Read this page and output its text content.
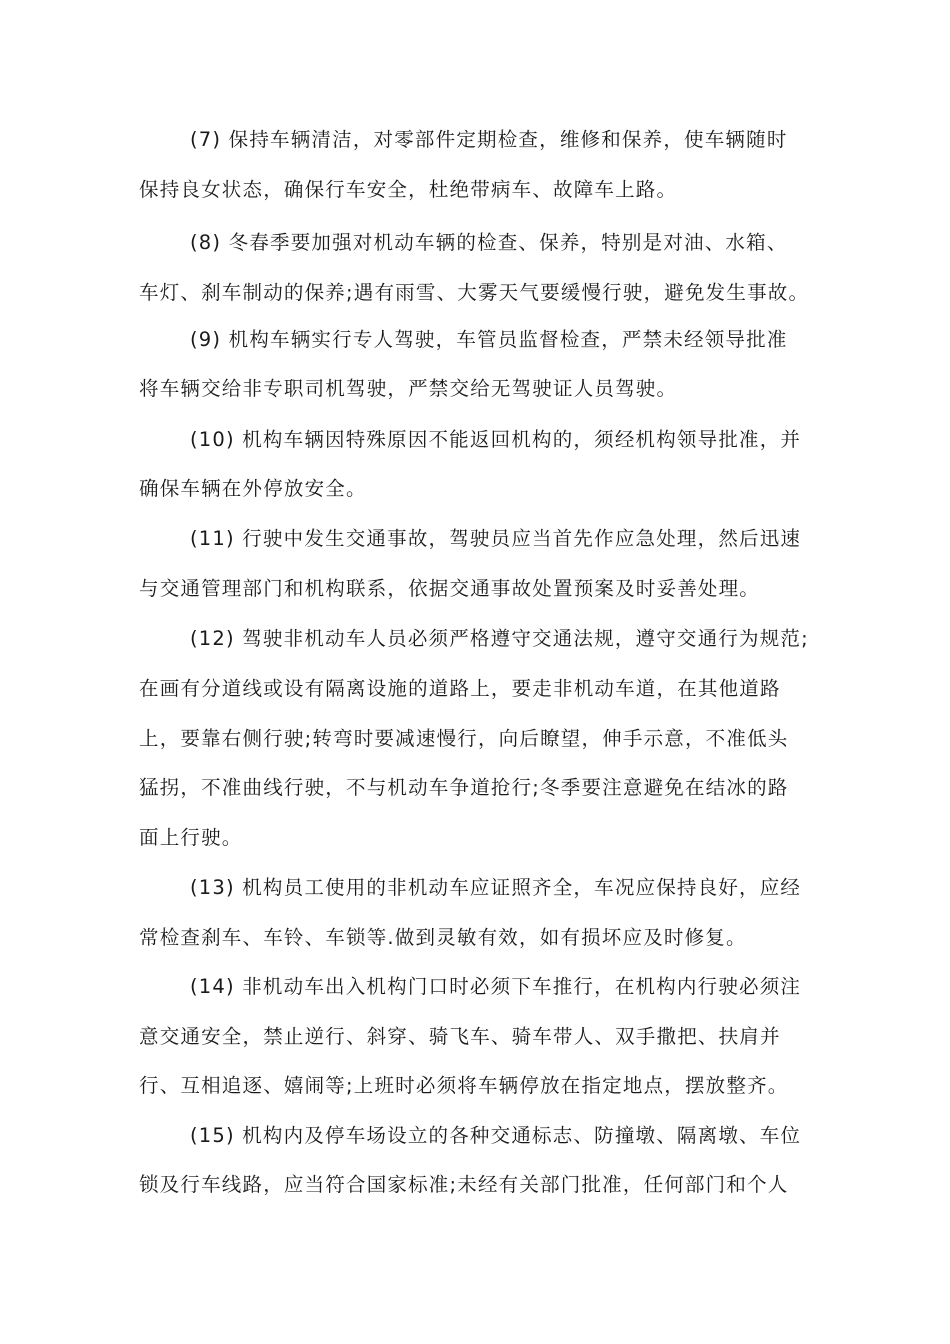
(7) 保持车辆清洁，对零部件定期检查，维修和保养，使车辆随时
保持良女状态，确保行车安全，杜绝带病车、故障车上路。
(8) 冬春季要加强对机动车辆的检查、保养，特别是对油、水箱、
车灯、刹车制动的保养;遇有雨雪、大雾天气要缓慢行驶，避免发生事故。
(9) 机构车辆实行专人驾驶，车管员监督检查，严禁未经领导批准
将车辆交给非专职司机驾驶，严禁交给无驾驶证人员驾驶。
(10) 机构车辆因特殊原因不能返回机构的，须经机构领导批准，并
确保车辆在外停放安全。
(11) 行驶中发生交通事故，驾驶员应当首先作应急处理，然后迅速
与交通管理部门和机构联系，依据交通事故处置预案及时妥善处理。
(12) 驾驶非机动车人员必须严格遵守交通法规，遵守交通行为规范;
在画有分道线或设有隔离设施的道路上，要走非机动车道，在其他道路
上，要靠右侧行驶;转弯时要减速慢行，向后瞭望，伸手示意，不准低头
猛拐，不准曲线行驶，不与机动车争道抢行;冬季要注意避免在结冰的路
面上行驶。
(13) 机构员工使用的非机动车应证照齐全，车况应保持良好，应经
常检查刹车、车铃、车锁等.做到灵敏有效，如有损坏应及时修复。
(14) 非机动车出入机构门口时必须下车推行，在机构内行驶必须注
意交通安全，禁止逆行、斜穿、骑飞车、骑车带人、双手撒把、扶肩并
行、互相追逐、嬉闹等;上班时必须将车辆停放在指定地点，摆放整齐。
(15) 机构内及停车场设立的各种交通标志、防撞墩、隔离墩、车位
锁及行车线路，应当符合国家标准;未经有关部门批准，任何部门和个人
